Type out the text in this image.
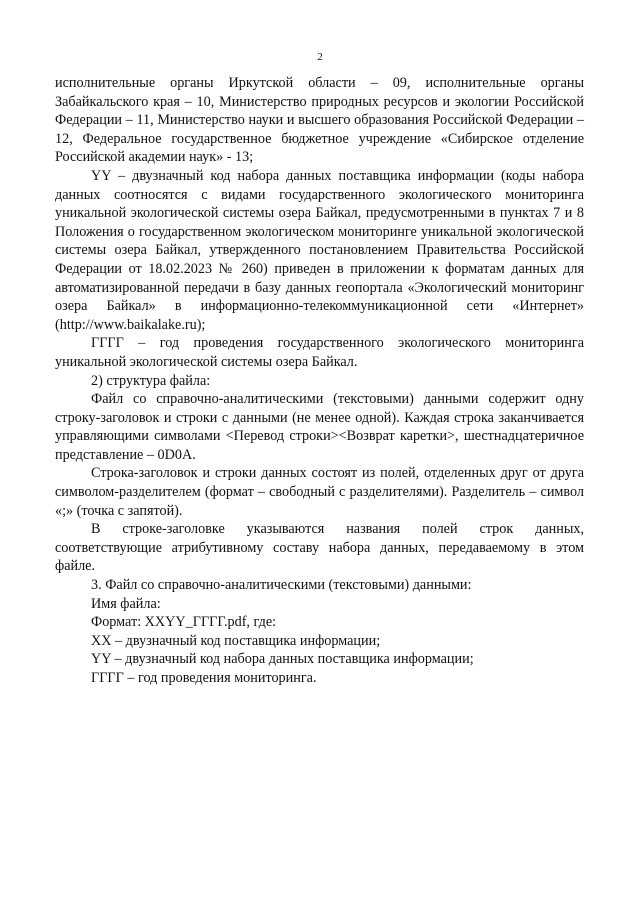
2

исполнительные органы Иркутской области – 09, исполнительные органы Забайкальского края – 10, Министерство природных ресурсов и экологии Российской Федерации – 11, Министерство науки и высшего образования Российской Федерации – 12, Федеральное государственное бюджетное учреждение «Сибирское отделение Российской академии наук» - 13;

YY – двузначный код набора данных поставщика информации (коды набора данных соотносятся с видами государственного экологического мониторинга уникальной экологической системы озера Байкал, предусмотренными в пунктах 7 и 8 Положения о государственном экологическом мониторинге уникальной экологической системы озера Байкал, утвержденного постановлением Правительства Российской Федерации от 18.02.2023 № 260) приведен в приложении к форматам данных для автоматизированной передачи в базу данных геопортала «Экологический мониторинг озера Байкал» в информационно-телекоммуникационной сети «Интернет» (http://www.baikalake.ru);

ГГГГ – год проведения государственного экологического мониторинга уникальной экологической системы озера Байкал.

2) структура файла:

Файл со справочно-аналитическими (текстовыми) данными содержит одну строку-заголовок и строки с данными (не менее одной). Каждая строка заканчивается управляющими символами <Перевод строки><Возврат каретки>, шестнадцатеричное представление – 0D0A.

Строка-заголовок и строки данных состоят из полей, отделенных друг от друга символом-разделителем (формат – свободный с разделителями). Разделитель – символ «;» (точка с запятой).

В строке-заголовке указываются названия полей строк данных, соответствующие атрибутивному составу набора данных, передаваемому в этом файле.

3. Файл со справочно-аналитическими (текстовыми) данными:

Имя файла:

Формат: XXYY_ГГГГ.pdf, где:

XX – двузначный код поставщика информации;

YY – двузначный код набора данных поставщика информации;

ГГГГ – год проведения мониторинга.
